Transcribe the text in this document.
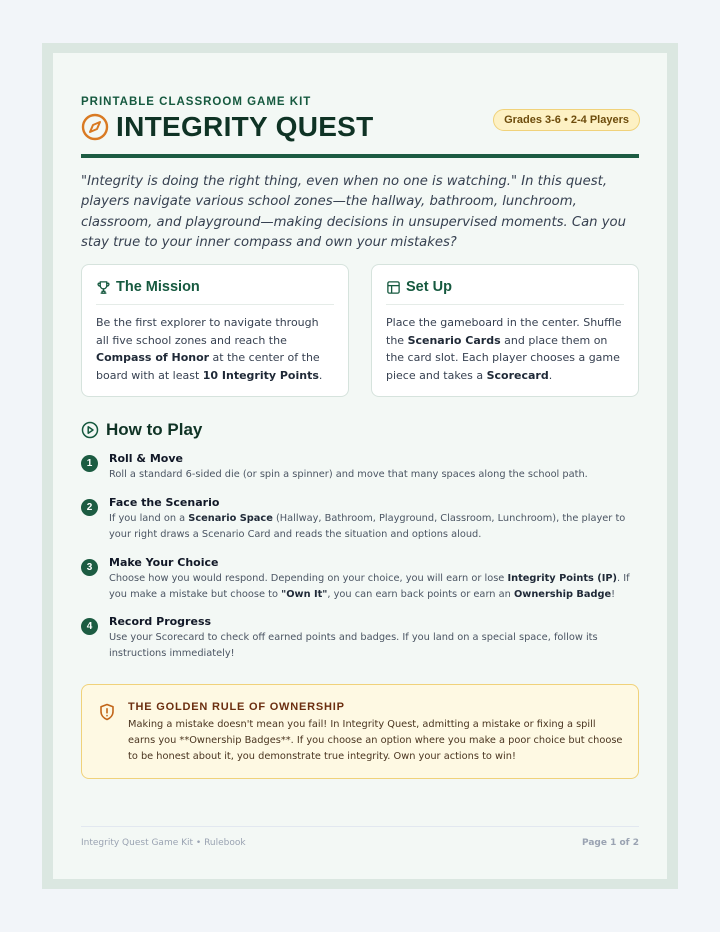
PRINTABLE CLASSROOM GAME KIT
INTEGRITY QUEST	Grades 3-6 • 2-4 Players

"Integrity is doing the right thing, even when no one is watching." In this quest, players navigate various school zones—the hallway, bathroom, lunchroom, classroom, and playground—making decisions in unsupervised moments. Can you stay true to your inner compass and own your mistakes?

The Mission
Be the first explorer to navigate through all five school zones and reach the Compass of Honor at the center of the board with at least 10 Integrity Points.
Set Up
Place the gameboard in the center. Shuffle the Scenario Cards and place them on the card slot. Each player chooses a game piece and takes a Scorecard.
How to Play
1	Roll & Move
Roll a standard 6-sided die (or spin a spinner) and move that many spaces along the school path.
2	Face the Scenario
If you land on a Scenario Space (Hallway, Bathroom, Playground, Classroom, Lunchroom), the player to your right draws a Scenario Card and reads the situation and options aloud.
3	Make Your Choice
Choose how you would respond. Depending on your choice, you will earn or lose Integrity Points (IP). If you make a mistake but choose to "Own It", you can earn back points or earn an Ownership Badge!
4	Record Progress
Use your Scorecard to check off earned points and badges. If you land on a special space, follow its instructions immediately!
THE GOLDEN RULE OF OWNERSHIP
Making a mistake doesn't mean you fail! In Integrity Quest, admitting a mistake or fixing a spill earns you **Ownership Badges**. If you choose an option where you make a poor choice but choose to be honest about it, you demonstrate true integrity. Own your actions to win!
Integrity Quest Game Kit • Rulebook	Page 1 of 2
